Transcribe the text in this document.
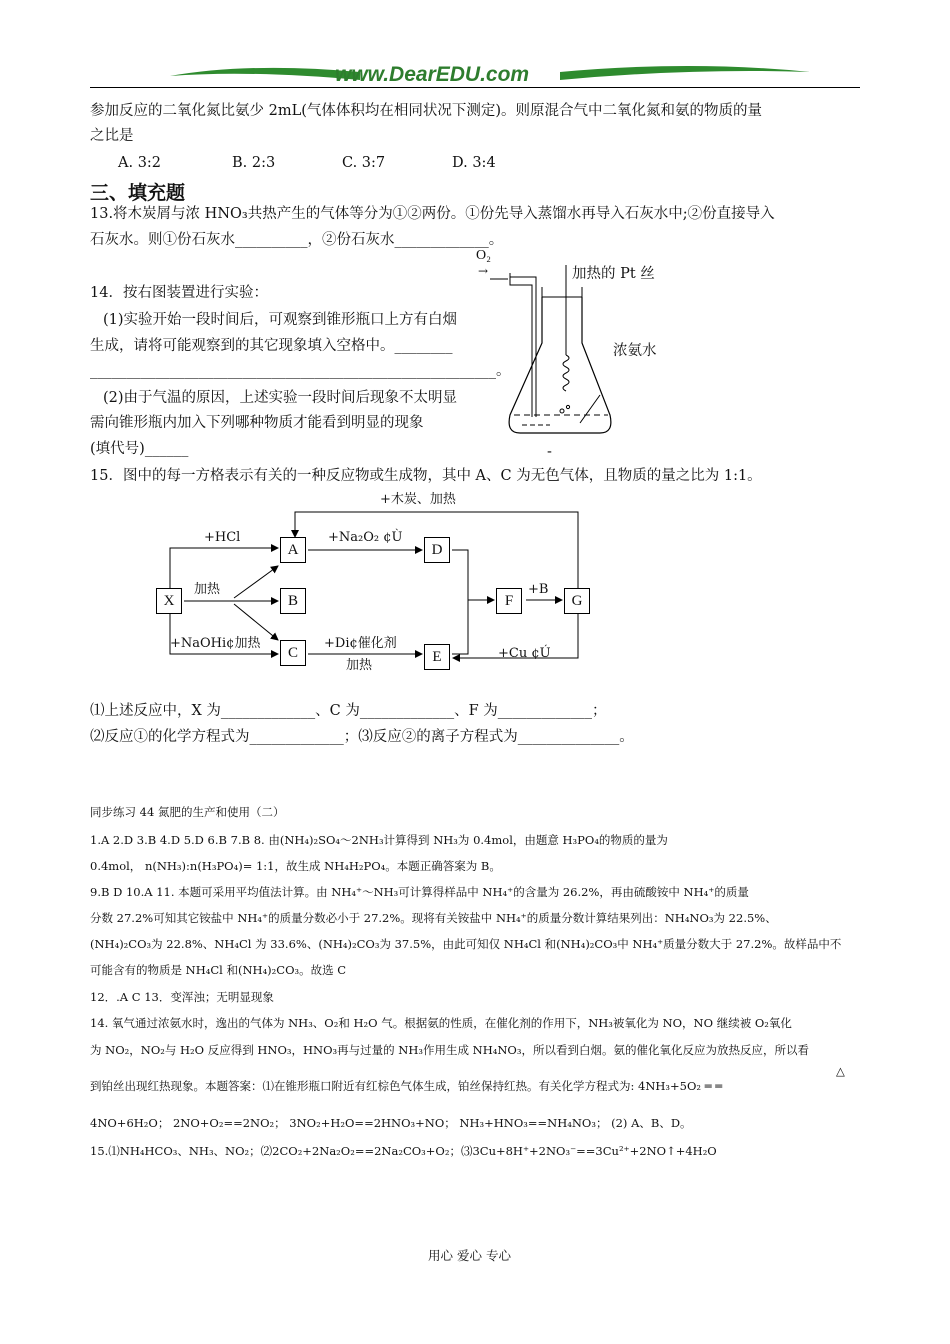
www.DearEDU.com
参加反应的二氧化氮比氨少 2mL(气体体积均在相同状况下测定)。则原混合气中二氧化氮和氨的物质的量
之比是
A. 3:2	B. 2:3	C. 3:7	D. 3:4
三、填充题
13.将木炭屑与浓 HNO₃共热产生的气体等分为①②两份。①份先导入蒸馏水再导入石灰水中;②份直接导入
石灰水。则①份石灰水__________，②份石灰水_____________。
14．按右图装置进行实验：
(1)实验开始一段时间后，可观察到锥形瓶口上方有白烟
生成，请将可能观察到的其它现象填入空格中。________
________________________________________________________。
(2)由于气温的原因，上述实验一段时间后现象不太明显
需向锥形瓶内加入下列哪种物质才能看到明显的现象
(填代号)______
O₂
→	加热的 Pt 丝
浓氨水
-
15．图中的每一方格表示有关的一种反应物或生成物，其中 A、C 为无色气体，且物质的量之比为 1:1。
X
A
B
C
D
E
F	G
+木炭、加热
+HCl
加热
+NaOHi¢加热
+Na₂O₂ ¢Ù
+Di¢催化剂
加热
+B
+Cu ¢Ú
⑴上述反应中，X 为_____________、C 为_____________、F 为_____________；
⑵反应①的化学方程式为_____________；⑶反应②的离子方程式为______________。
同步练习 44 氮肥的生产和使用（二）
1.A 2.D 3.B 4.D 5.D 6.B 7.B 8. 由(NH₄)₂SO₄～2NH₃计算得到 NH₃为 0.4mol，由题意 H₃PO₄的物质的量为
0.4mol， n(NH₃):n(H₃PO₄)= 1:1，故生成 NH₄H₂PO₄。本题正确答案为 B。
9.B D 10.A 11. 本题可采用平均值法计算。由 NH₄⁺～NH₃可计算得样品中 NH₄⁺的含量为 26.2%，再由硫酸铵中 NH₄⁺的质量
分数 27.2%可知其它铵盐中 NH₄⁺的质量分数必小于 27.2%。现将有关铵盐中 NH₄⁺的质量分数计算结果列出：NH₄NO₃为 22.5%、
(NH₄)₂CO₃为 22.8%、NH₄Cl 为 33.6%、(NH₄)₂CO₃为 37.5%，由此可知仅 NH₄Cl 和(NH₄)₂CO₃中 NH₄⁺质量分数大于 27.2%。故样品中不
可能含有的物质是 NH₄Cl 和(NH₄)₂CO₃。故选 C
12．.A C 13．变浑浊；无明显现象
14. 氧气通过浓氨水时，逸出的气体为 NH₃、O₂和 H₂O 气。根据氨的性质，在催化剂的作用下，NH₃被氧化为 NO，NO 继续被 O₂氧化
为 NO₂，NO₂与 H₂O 反应得到 HNO₃，HNO₃再与过量的 NH₃作用生成 NH₄NO₃，所以看到白烟。氨的催化氧化反应为放热反应，所以看
△
到铂丝出现红热现象。本题答案：⑴在锥形瓶口附近有红棕色气体生成，铂丝保持红热。有关化学方程式为: 4NH₃+5O₂ ═ ═
4NO+6H₂O； 2NO+O₂==2NO₂； 3NO₂+H₂O==2HNO₃+NO； NH₃+HNO₃==NH₄NO₃； (2) A、B、D。
15.⑴NH₄HCO₃、NH₃、NO₂；⑵2CO₂+2Na₂O₂==2Na₂CO₃+O₂；⑶3Cu+8H⁺+2NO₃⁻==3Cu²⁺+2NO↑+4H₂O
用心 爱心 专心
